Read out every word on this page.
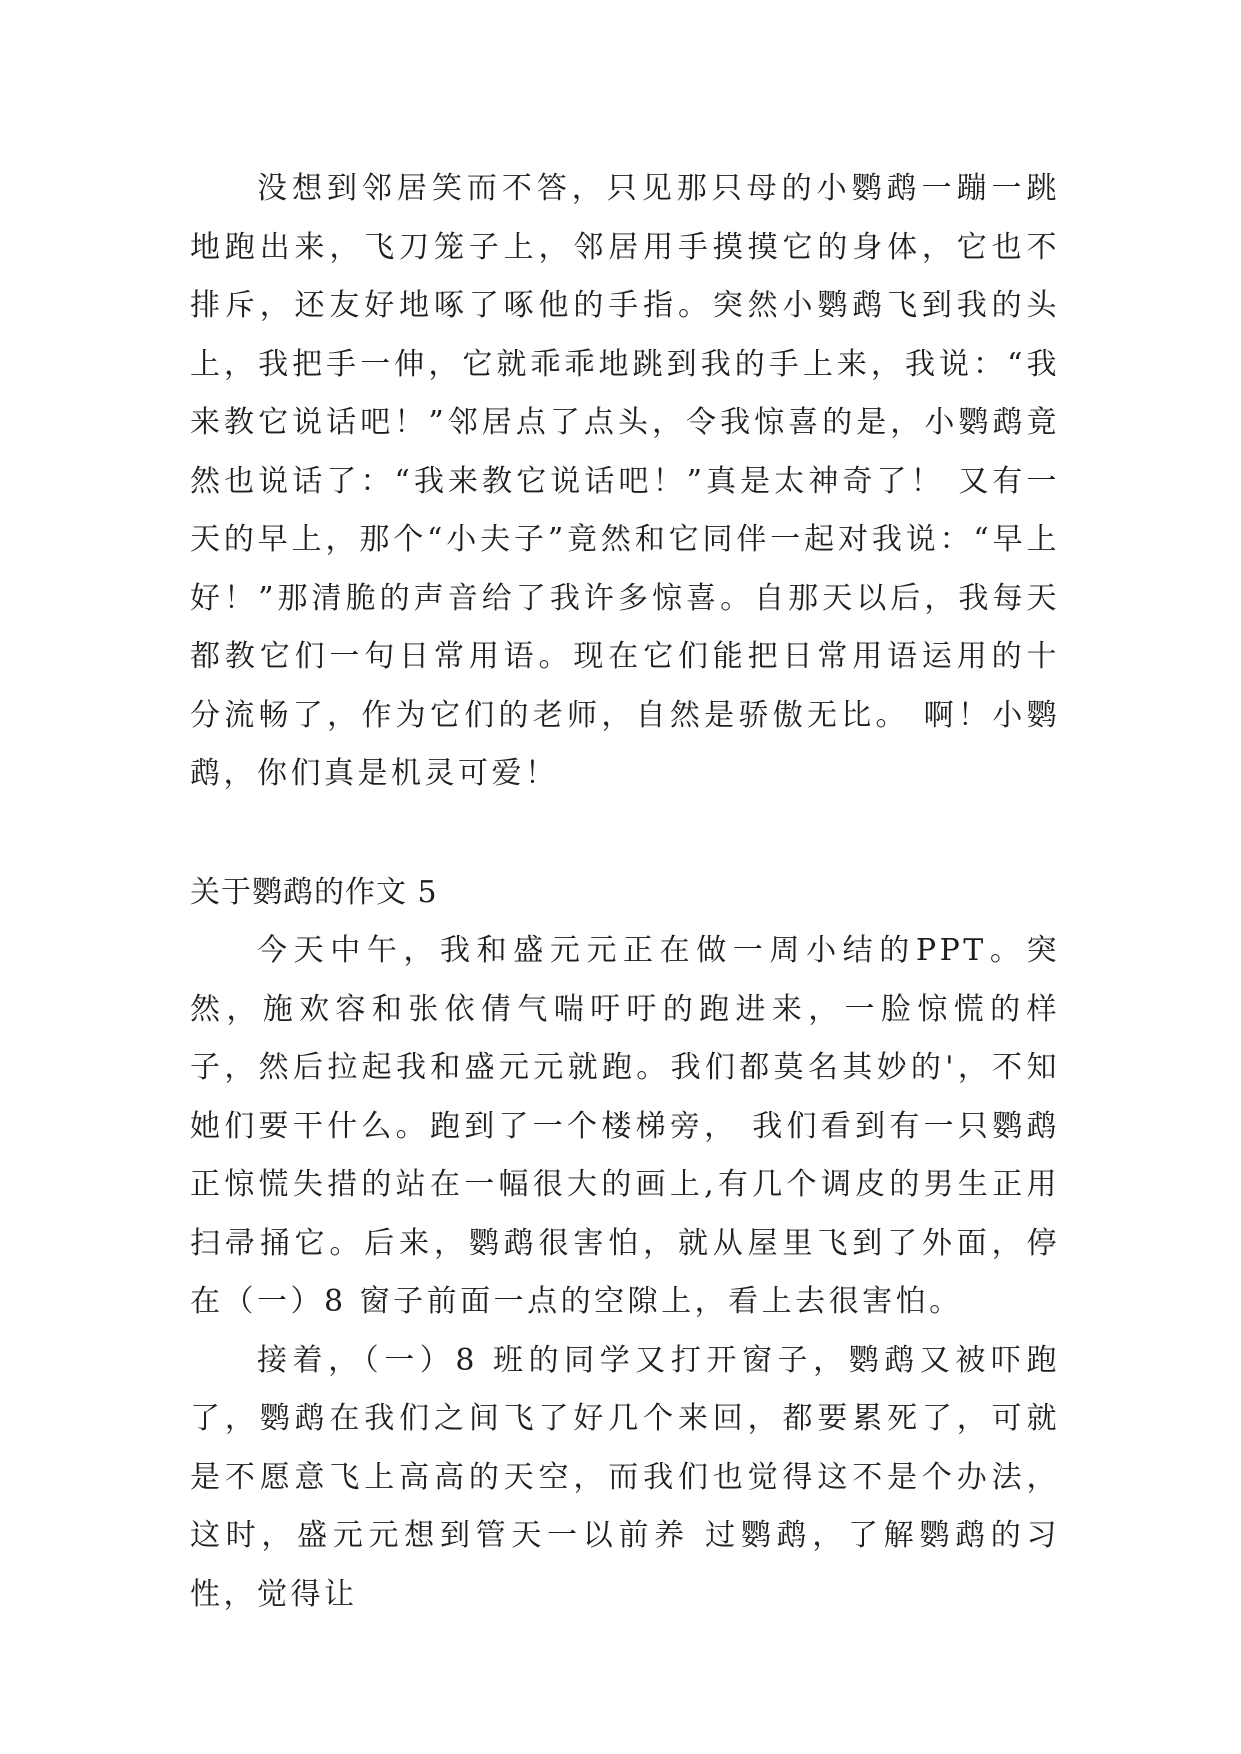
没想到邻居笑而不答，只见那只母的小鹦鹉一蹦一跳地跑出来，飞刀笼子上，邻居用手摸摸它的身体，它也不排斥，还友好地啄了啄他的手指。突然小鹦鹉飞到我的头上，我把手一伸，它就乖乖地跳到我的手上来，我说：“我来教它说话吧！”邻居点了点头，令我惊喜的是，小鹦鹉竟然也说话了：“我来教它说话吧！”真是太神奇了！ 又有一天的早上，那个“小夫子”竟然和它同伴一起对我说：“早上好！”那清脆的声音给了我许多惊喜。自那天以后，我每天都教它们一句日常用语。现在它们能把日常用语运用的十分流畅了，作为它们的老师，自然是骄傲无比。 啊！小鹦鹉，你们真是机灵可爱！

关于鹦鹉的作文 5

今天中午，我和盛元元正在做一周小结的PPT。突然，施欢容和张依倩气喘吁吁的跑进来，一脸惊慌的样子，然后拉起我和盛元元就跑。我们都莫名其妙的'，不知她们要干什么。跑到了一个楼梯旁， 我们看到有一只鹦鹉正惊慌失措的站在一幅很大的画上,有几个调皮的男生正用扫帚捅它。后来，鹦鹉很害怕，就从屋里飞到了外面，停在（一）8 窗子前面一点的空隙上，看上去很害怕。

接着，（一）8 班的同学又打开窗子，鹦鹉又被吓跑了，鹦鹉在我们之间飞了好几个来回，都要累死了，可就是不愿意飞上高高的天空，而我们也觉得这不是个办法，这时，盛元元想到管天一以前养 过鹦鹉，了解鹦鹉的习性，觉得让
